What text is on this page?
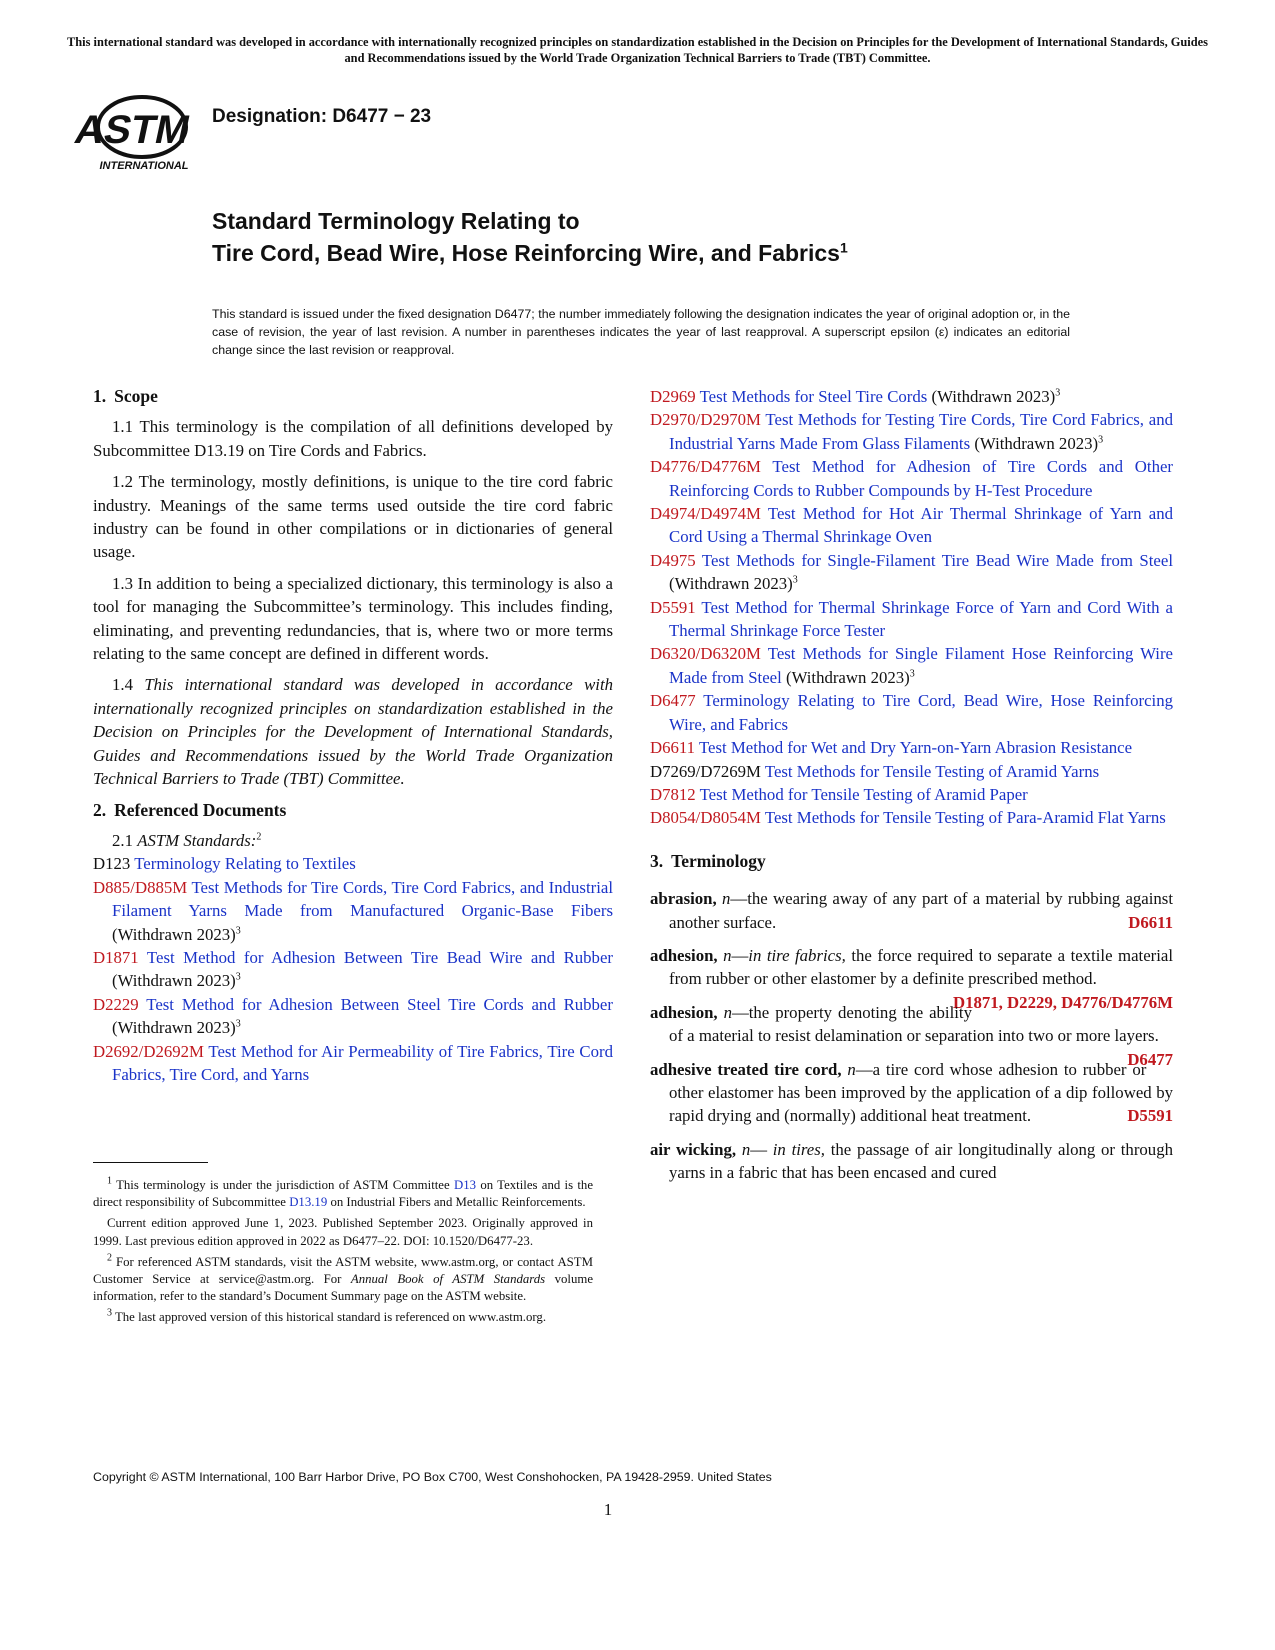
This international standard was developed in accordance with internationally recognized principles on standardization established in the Decision on Principles for the Development of International Standards, Guides and Recommendations issued by the World Trade Organization Technical Barriers to Trade (TBT) Committee.
ASTM
INTERNATIONAL
Designation: D6477 − 23
Standard Terminology Relating to
Tire Cord, Bead Wire, Hose Reinforcing Wire, and Fabrics$^1$
This standard is issued under the fixed designation D6477; the number immediately following the designation indicates the year of original adoption or, in the case of revision, the year of last revision. A number in parentheses indicates the year of last reapproval. A superscript epsilon (ε) indicates an editorial change since the last revision or reapproval.
1. Scope

1.1 This terminology is the compilation of all definitions developed by Subcommittee D13.19 on Tire Cords and Fabrics.

1.2 The terminology, mostly definitions, is unique to the tire cord fabric industry. Meanings of the same terms used outside the tire cord fabric industry can be found in other compilations or in dictionaries of general usage.

1.3 In addition to being a specialized dictionary, this terminology is also a tool for managing the Subcommittee’s terminology. This includes finding, eliminating, and preventing redundancies, that is, where two or more terms relating to the same concept are defined in different words.

1.4 This international standard was developed in accordance with internationally recognized principles on standardization established in the Decision on Principles for the Development of International Standards, Guides and Recommendations issued by the World Trade Organization Technical Barriers to Trade (TBT) Committee.

2. Referenced Documents

2.1 ASTM Standards:$^2$

D123 Terminology Relating to Textiles
D885/D885M Test Methods for Tire Cords, Tire Cord Fabrics, and Industrial Filament Yarns Made from Manufactured Organic-Base Fibers (Withdrawn 2023)$^3$
D1871 Test Method for Adhesion Between Tire Bead Wire and Rubber (Withdrawn 2023)$^3$
D2229 Test Method for Adhesion Between Steel Tire Cords and Rubber (Withdrawn 2023)$^3$
D2692/D2692M Test Method for Air Permeability of Tire Fabrics, Tire Cord Fabrics, Tire Cord, and Yarns

$^1$ This terminology is under the jurisdiction of ASTM Committee D13 on Textiles and is the direct responsibility of Subcommittee D13.19 on Industrial Fibers and Metallic Reinforcements.

Current edition approved June 1, 2023. Published September 2023. Originally approved in 1999. Last previous edition approved in 2022 as D6477–22. DOI: 10.1520/D6477-23.

$^2$ For referenced ASTM standards, visit the ASTM website, www.astm.org, or contact ASTM Customer Service at service@astm.org. For Annual Book of ASTM Standards volume information, refer to the standard’s Document Summary page on the ASTM website.

$^3$ The last approved version of this historical standard is referenced on www.astm.org.

D2969 Test Methods for Steel Tire Cords (Withdrawn 2023)$^3$
D2970/D2970M Test Methods for Testing Tire Cords, Tire Cord Fabrics, and Industrial Yarns Made From Glass Filaments (Withdrawn 2023)$^3$
D4776/D4776M Test Method for Adhesion of Tire Cords and Other Reinforcing Cords to Rubber Compounds by H-Test Procedure
D4974/D4974M Test Method for Hot Air Thermal Shrinkage of Yarn and Cord Using a Thermal Shrinkage Oven
D4975 Test Methods for Single-Filament Tire Bead Wire Made from Steel (Withdrawn 2023)$^3$
D5591 Test Method for Thermal Shrinkage Force of Yarn and Cord With a Thermal Shrinkage Force Tester
D6320/D6320M Test Methods for Single Filament Hose Reinforcing Wire Made from Steel (Withdrawn 2023)$^3$
D6477 Terminology Relating to Tire Cord, Bead Wire, Hose Reinforcing Wire, and Fabrics
D6611 Test Method for Wet and Dry Yarn-on-Yarn Abrasion Resistance
D7269/D7269M Test Methods for Tensile Testing of Aramid Yarns
D7812 Test Method for Tensile Testing of Aramid Paper
D8054/D8054M Test Methods for Tensile Testing of Para-Aramid Flat Yarns
3. Terminology
abrasion, n—the wearing away of any part of a material by rubbing against another surface.	D6611
adhesion, n—in tire fabrics, the force required to separate a textile material from rubber or other elastomer by a definite prescribed method.
D1871, D2229, D4776/D4776M
adhesion, n—the property denoting the ability of a material to resist delamination or separation into two or more layers.
D6477
adhesive treated tire cord, n—a tire cord whose adhesion to rubber or other elastomer has been improved by the application of a dip followed by rapid drying and (normally) additional heat treatment.	D5591
air wicking, n— in tires, the passage of air longitudinally along or through yarns in a fabric that has been encased and cured
Copyright © ASTM International, 100 Barr Harbor Drive, PO Box C700, West Conshohocken, PA 19428-2959. United States
1
